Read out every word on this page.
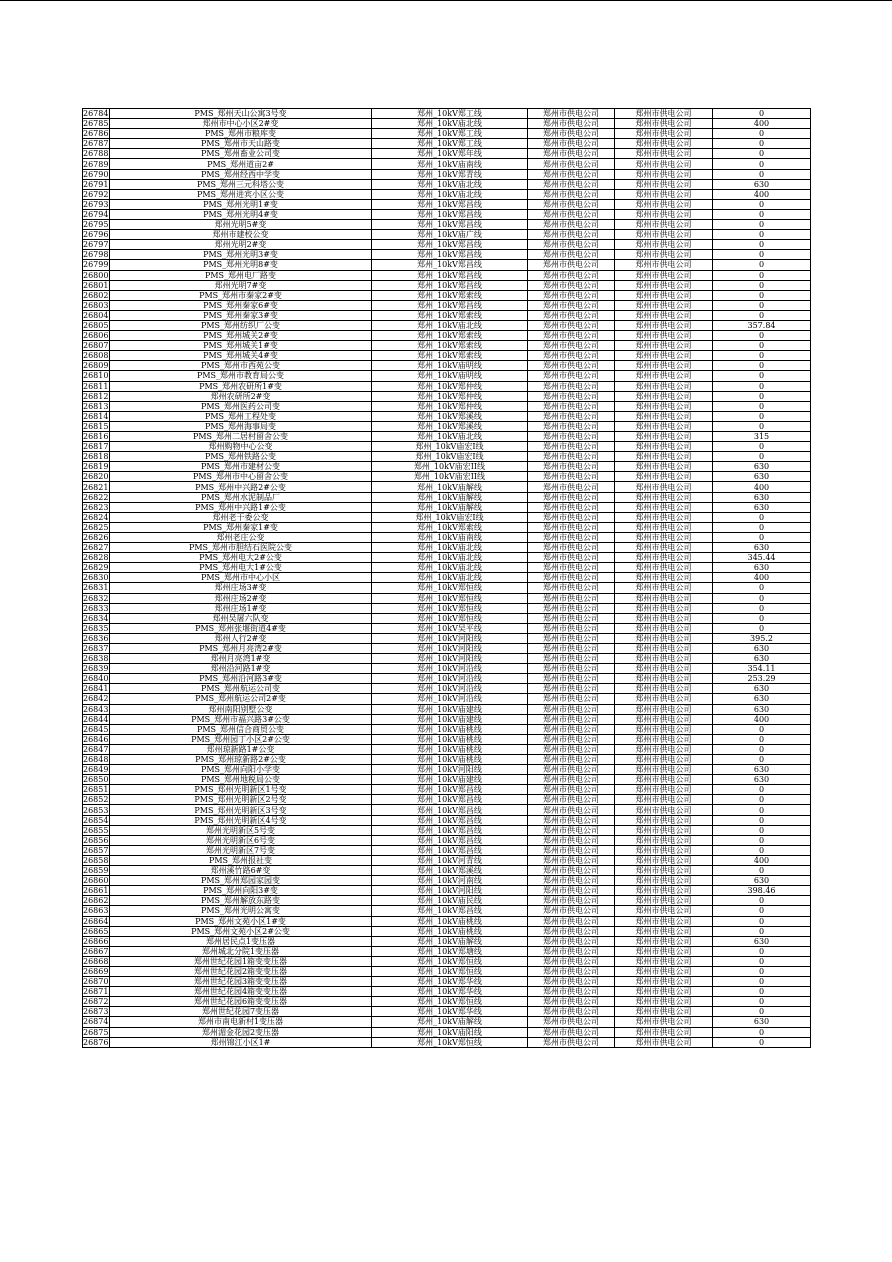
26784	PMS_郑州天山公寓3号变	郑州_10kV郑工线	郑州市供电公司	郑州市供电公司	0
26785	郑州市中心小区2#变	郑州_10kV庙北线	郑州市供电公司	郑州市供电公司	400
26786	PMS_郑州市粮库变	郑州_10kV郑工线	郑州市供电公司	郑州市供电公司	0
26787	PMS_郑州市天山路变	郑州_10kV郑工线	郑州市供电公司	郑州市供电公司	0
26788	PMS_郑州畜业公司变	郑州_10kV郑年线	郑州市供电公司	郑州市供电公司	0
26789	PMS_郑州道亩2#	郑州_10kV庙南线	郑州市供电公司	郑州市供电公司	0
26790	PMS_郑州经西中学变	郑州_10kV郑青线	郑州市供电公司	郑州市供电公司	0
26791	PMS_郑州三元科塔公变	郑州_10kV庙北线	郑州市供电公司	郑州市供电公司	630
26792	PMS_郑州进宾小区公变	郑州_10kV庙北线	郑州市供电公司	郑州市供电公司	400
26793	PMS_郑州光明1#变	郑州_10kV郑昌线	郑州市供电公司	郑州市供电公司	0
26794	PMS_郑州光明4#变	郑州_10kV郑昌线	郑州市供电公司	郑州市供电公司	0
26795	郑州光明5#变	郑州_10kV郑昌线	郑州市供电公司	郑州市供电公司	0
26796	郑州市建校公变	郑州_10kV庙广线	郑州市供电公司	郑州市供电公司	0
26797	郑州光明2#变	郑州_10kV郑昌线	郑州市供电公司	郑州市供电公司	0
26798	PMS_郑州光明3#变	郑州_10kV郑昌线	郑州市供电公司	郑州市供电公司	0
26799	PMS_郑州光明8#变	郑州_10kV郑昌线	郑州市供电公司	郑州市供电公司	0
26800	PMS_郑州电厂路变	郑州_10kV郑昌线	郑州市供电公司	郑州市供电公司	0
26801	郑州光明7#变	郑州_10kV郑昌线	郑州市供电公司	郑州市供电公司	0
26802	PMS_郑州市秦家2#变	郑州_10kV郑索线	郑州市供电公司	郑州市供电公司	0
26803	PMS_郑州秦家6#变	郑州_10kV郑昌线	郑州市供电公司	郑州市供电公司	0
26804	PMS_郑州秦家3#变	郑州_10kV郑索线	郑州市供电公司	郑州市供电公司	0
26805	PMS_郑州纺织厂公变	郑州_10kV庙北线	郑州市供电公司	郑州市供电公司	357.84
26806	PMS_郑州城关2#变	郑州_10kV郑索线	郑州市供电公司	郑州市供电公司	0
26807	PMS_郑州城关1#变	郑州_10kV郑索线	郑州市供电公司	郑州市供电公司	0
26808	PMS_郑州城关4#变	郑州_10kV郑索线	郑州市供电公司	郑州市供电公司	0
26809	PMS_郑州市西苑公变	郑州_10kV庙明线	郑州市供电公司	郑州市供电公司	0
26810	PMS_郑州市教育局公变	郑州_10kV庙明线	郑州市供电公司	郑州市供电公司	0
26811	PMS_郑州农研所1#变	郑州_10kV郑仲线	郑州市供电公司	郑州市供电公司	0
26812	郑州农研所2#变	郑州_10kV郑仲线	郑州市供电公司	郑州市供电公司	0
26813	PMS_郑州医药公司变	郑州_10kV郑仲线	郑州市供电公司	郑州市供电公司	0
26814	PMS_郑州工程处变	郑州_10kV郑溪线	郑州市供电公司	郑州市供电公司	0
26815	PMS_郑州海事局变	郑州_10kV郑溪线	郑州市供电公司	郑州市供电公司	0
26816	PMS_郑州二居村留舍公变	郑州_10kV庙北线	郑州市供电公司	郑州市供电公司	315
26817	郑州购物中心公变	郑州_10kV庙宏I线	郑州市供电公司	郑州市供电公司	0
26818	PMS_郑州铁路公变	郑州_10kV庙宏I线	郑州市供电公司	郑州市供电公司	0
26819	PMS_郑州市建材公变	郑州_10kV庙宏II线	郑州市供电公司	郑州市供电公司	630
26820	PMS_郑州市中心留舍公变	郑州_10kV庙宏II线	郑州市供电公司	郑州市供电公司	630
26821	PMS_郑州中兴路2#公变	郑州_10kV庙解线	郑州市供电公司	郑州市供电公司	400
26822	PMS_郑州水泥制品厂	郑州_10kV庙解线	郑州市供电公司	郑州市供电公司	630
26823	PMS_郑州中兴路1#公变	郑州_10kV庙解线	郑州市供电公司	郑州市供电公司	630
26824	郑州老干委公变	郑州_10kV庙宏I线	郑州市供电公司	郑州市供电公司	0
26825	PMS_郑州秦家1#变	郑州_10kV郑索线	郑州市供电公司	郑州市供电公司	0
26826	郑州老庄公变	郑州_10kV庙南线	郑州市供电公司	郑州市供电公司	0
26827	PMS_郑州市胆结石医院公变	郑州_10kV庙北线	郑州市供电公司	郑州市供电公司	630
26828	PMS_郑州电大2#公变	郑州_10kV庙北线	郑州市供电公司	郑州市供电公司	345.44
26829	PMS_郑州电大1#公变	郑州_10kV庙北线	郑州市供电公司	郑州市供电公司	630
26830	PMS_郑州市中心小区	郑州_10kV庙北线	郑州市供电公司	郑州市供电公司	400
26831	郑州庄场3#变	郑州_10kV郑恒线	郑州市供电公司	郑州市供电公司	0
26832	郑州庄场2#变	郑州_10kV郑恒线	郑州市供电公司	郑州市供电公司	0
26833	郑州庄场1#变	郑州_10kV郑恒线	郑州市供电公司	郑州市供电公司	0
26834	郑州吴屠六队变	郑州_10kV郑恒线	郑州市供电公司	郑州市供电公司	0
26835	PMS_郑州张堰街道4#变	郑州_10kV吴平线	郑州市供电公司	郑州市供电公司	0
26836	郑州人行2#变	郑州_10kV河阳线	郑州市供电公司	郑州市供电公司	395.2
26837	PMS_郑州月亮湾2#变	郑州_10kV河阳线	郑州市供电公司	郑州市供电公司	630
26838	郑州月亮湾1#变	郑州_10kV河阳线	郑州市供电公司	郑州市供电公司	630
26839	郑州沿河路1#变	郑州_10kV河沿线	郑州市供电公司	郑州市供电公司	354.11
26840	PMS_郑州沿河路3#变	郑州_10kV河沿线	郑州市供电公司	郑州市供电公司	253.29
26841	PMS_郑州航运公司变	郑州_10kV河沿线	郑州市供电公司	郑州市供电公司	630
26842	PMS_郑州航运公司2#变	郑州_10kV河沿线	郑州市供电公司	郑州市供电公司	630
26843	郑州南阳别墅公变	郑州_10kV庙建线	郑州市供电公司	郑州市供电公司	630
26844	PMS_郑州市福兴路3#公变	郑州_10kV庙建线	郑州市供电公司	郑州市供电公司	400
26845	PMS_郑州信合商贸公变	郑州_10kV庙桃线	郑州市供电公司	郑州市供电公司	0
26846	PMS_郑州园丁小区2#公变	郑州_10kV庙桃线	郑州市供电公司	郑州市供电公司	0
26847	郑州琼新路1#公变	郑州_10kV庙桃线	郑州市供电公司	郑州市供电公司	0
26848	PMS_郑州琼新路2#公变	郑州_10kV庙桃线	郑州市供电公司	郑州市供电公司	0
26849	PMS_郑州向阳小学变	郑州_10kV河阳线	郑州市供电公司	郑州市供电公司	630
26850	PMS_郑州地税局公变	郑州_10kV庙建线	郑州市供电公司	郑州市供电公司	630
26851	PMS_郑州光明新区1号变	郑州_10kV郑昌线	郑州市供电公司	郑州市供电公司	0
26852	PMS_郑州光明新区2号变	郑州_10kV郑昌线	郑州市供电公司	郑州市供电公司	0
26853	PMS_郑州光明新区3号变	郑州_10kV郑昌线	郑州市供电公司	郑州市供电公司	0
26854	PMS_郑州光明新区4号变	郑州_10kV郑昌线	郑州市供电公司	郑州市供电公司	0
26855	郑州光明新区5号变	郑州_10kV郑昌线	郑州市供电公司	郑州市供电公司	0
26856	郑州光明新区6号变	郑州_10kV郑昌线	郑州市供电公司	郑州市供电公司	0
26857	郑州光明新区7号变	郑州_10kV郑昌线	郑州市供电公司	郑州市供电公司	0
26858	PMS_郑州报社变	郑州_10kV河青线	郑州市供电公司	郑州市供电公司	400
26859	郑州溪竹路6#变	郑州_10kV郑溪线	郑州市供电公司	郑州市供电公司	0
26860	PMS_郑州郑园家园变	郑州_10kV河南线	郑州市供电公司	郑州市供电公司	630
26861	PMS_郑州向阳3#变	郑州_10kV河阳线	郑州市供电公司	郑州市供电公司	398.46
26862	PMS_郑州解放东路变	郑州_10kV庙民线	郑州市供电公司	郑州市供电公司	0
26863	PMS_郑州光明公寓变	郑州_10kV郑昌线	郑州市供电公司	郑州市供电公司	0
26864	PMS_郑州文苑小区1#变	郑州_10kV庙桃线	郑州市供电公司	郑州市供电公司	0
26865	PMS_郑州文苑小区2#公变	郑州_10kV庙桃线	郑州市供电公司	郑州市供电公司	0
26866	郑州居民点1变压器	郑州_10kV庙解线	郑州市供电公司	郑州市供电公司	630
26867	郑州城北分院1变压器	郑州_10kV郑塘线	郑州市供电公司	郑州市供电公司	0
26868	郑州世纪花园1箱变变压器	郑州_10kV郑恒线	郑州市供电公司	郑州市供电公司	0
26869	郑州世纪花园2箱变变压器	郑州_10kV郑恒线	郑州市供电公司	郑州市供电公司	0
26870	郑州世纪花园3箱变变压器	郑州_10kV郑华线	郑州市供电公司	郑州市供电公司	0
26871	郑州世纪花园4箱变变压器	郑州_10kV郑华线	郑州市供电公司	郑州市供电公司	0
26872	郑州世纪花园6箱变变压器	郑州_10kV郑恒线	郑州市供电公司	郑州市供电公司	0
26873	郑州世纪花园7变压器	郑州_10kV郑华线	郑州市供电公司	郑州市供电公司	0
26874	郑州市南电新村1变压器	郑州_10kV庙解线	郑州市供电公司	郑州市供电公司	630
26875	郑州湄金花园2变压器	郑州_10kV庙阳线	郑州市供电公司	郑州市供电公司	0
26876	郑州锦江小区1#	郑州_10kV郑恒线	郑州市供电公司	郑州市供电公司	0
